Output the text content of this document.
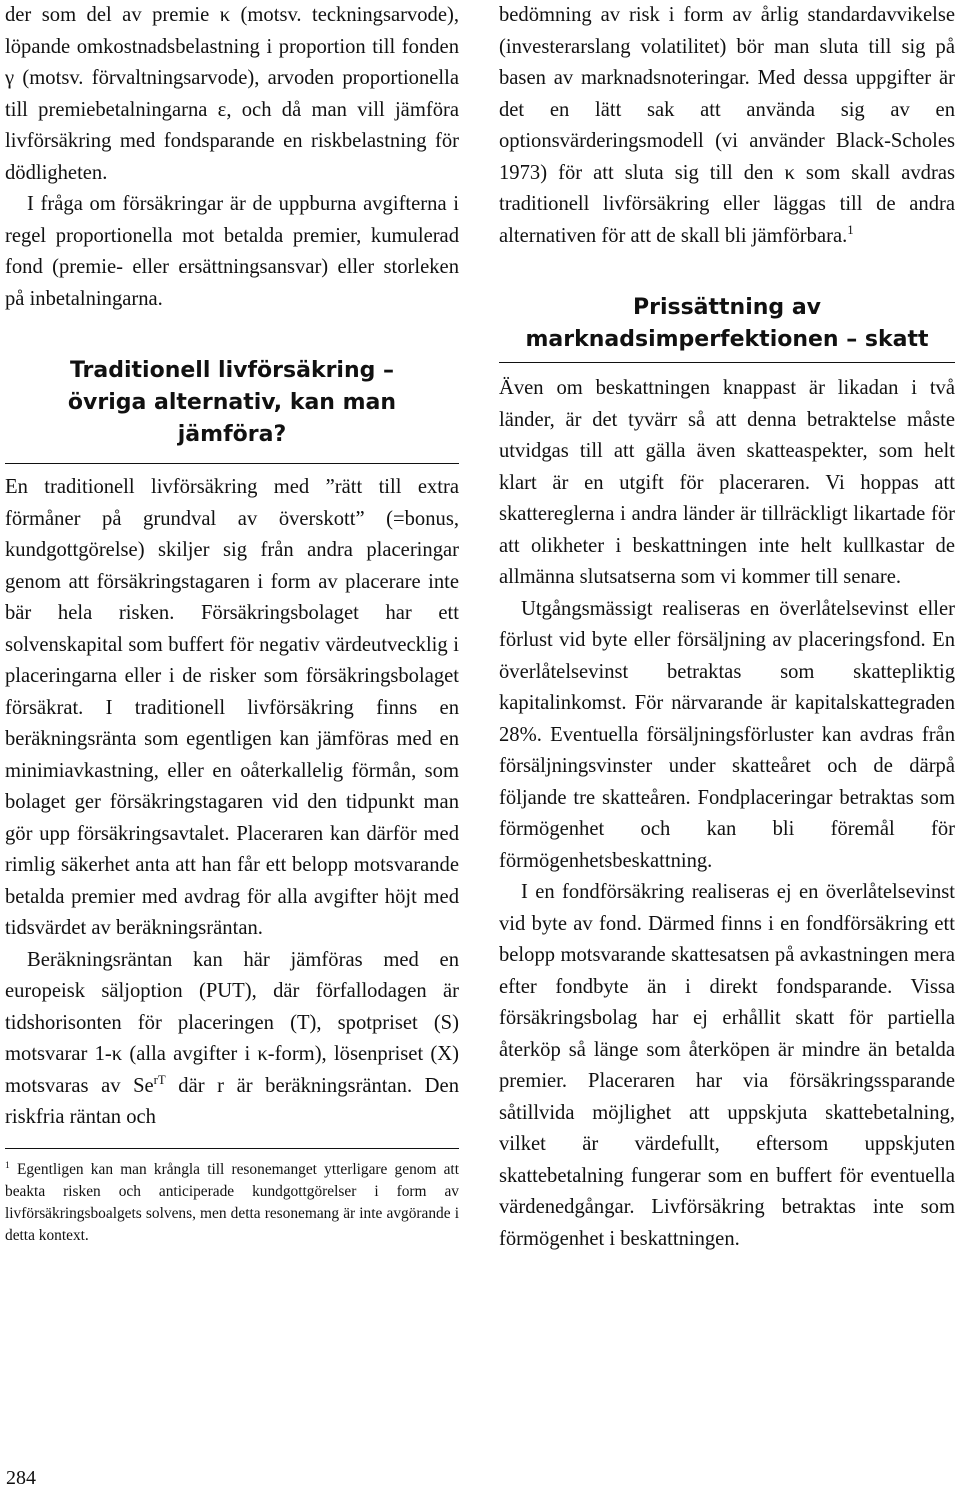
der som del av premie κ (motsv. teckningsarvode), löpande omkostnadsbelastning i proportion till fonden γ (motsv. förvaltningsarvode), arvoden proportionella till premiebetalningarna ε, och då man vill jämföra livförsäkring med fondsparande en riskbelastning för dödligheten.

I fråga om försäkringar är de uppburna avgifterna i regel proportionella mot betalda premier, kumulerad fond (premie- eller ersättningsansvar) eller storleken på inbetalningarna.

Traditionell livförsäkring – övriga alternativ, kan man jämföra?

En traditionell livförsäkring med ”rätt till extra förmåner på grundval av överskott” (=bonus, kundgottgörelse) skiljer sig från andra placeringar genom att försäkringstagaren i form av placerare inte bär hela risken. Försäkringsbolaget har ett solvenskapital som buffert för negativ värdeutvecklig i placeringarna eller i de risker som försäkringsbolaget försäkrat. I traditionell livförsäkring finns en beräkningsränta som egentligen kan jämföras med en minimiavkastning, eller en oåterkallelig förmån, som bolaget ger försäkringstagaren vid den tidpunkt man gör upp försäkringsavtalet. Placeraren kan därför med rimlig säkerhet anta att han får ett belopp motsvarande betalda premier med avdrag för alla avgifter höjt med tidsvärdet av beräkningsräntan.

Beräkningsräntan kan här jämföras med en europeisk säljoption (PUT), där förfallodagen är tidshorisonten för placeringen (T), spotpriset (S) motsvarar 1-κ (alla avgifter i κ-form), lösenpriset (X) motsvaras av $Se^{rT}$ där r är beräkningsräntan. Den riskfria räntan och

$^1$ Egentligen kan man krångla till resonemanget ytterligare genom att beakta risken och anticiperade kundgottgörelser i form av livförsäkringsboalgets solvens, men detta resonemang är inte avgörande i detta kontext.

bedömning av risk i form av årlig standardavvikelse (investerarslang volatilitet) bör man sluta till sig på basen av marknadsnoteringar. Med dessa uppgifter är det en lätt sak att använda sig av en optionsvärderingsmodell (vi använder Black-Scholes 1973) för att sluta sig till den κ som skall avdras traditionell livförsäkring eller läggas till de andra alternativen för att de skall bli jämförbara.$^1$

Prissättning av marknadsimperfektionen – skatt

Även om beskattningen knappast är likadan i två länder, är det tyvärr så att denna betraktelse måste utvidgas till att gälla även skatteaspekter, som helt klart är en utgift för placeraren. Vi hoppas att skattereglerna i andra länder är tillräckligt likartade för att olikheter i beskattningen inte helt kullkastar de allmänna slutsatserna som vi kommer till senare.

Utgångsmässigt realiseras en överlåtelsevinst eller förlust vid byte eller försäljning av placeringsfond. En överlåtelsevinst betraktas som skattepliktig kapitalinkomst. För närvarande är kapitalskattegraden 28%. Eventuella försäljningsförluster kan avdras från försäljningsvinster under skatteåret och de därpå följande tre skatteåren. Fondplaceringar betraktas som förmögenhet och kan bli föremål för förmögenhetsbeskattning.

I en fondförsäkring realiseras ej en överlåtelsevinst vid byte av fond. Därmed finns i en fondförsäkring ett belopp motsvarande skattesatsen på avkastningen mera efter fondbyte än i direkt fondsparande. Vissa försäkringsbolag har ej erhållit skatt för partiella återköp så länge som återköpen är mindre än betalda premier. Placeraren har via försäkringssparande såtillvida möjlighet att uppskjuta skattebetalning, vilket är värdefullt, eftersom uppskjuten skattebetalning fungerar som en buffert för eventuella värdenedgångar. Livförsäkring betraktas inte som förmögenhet i beskattningen.

284
